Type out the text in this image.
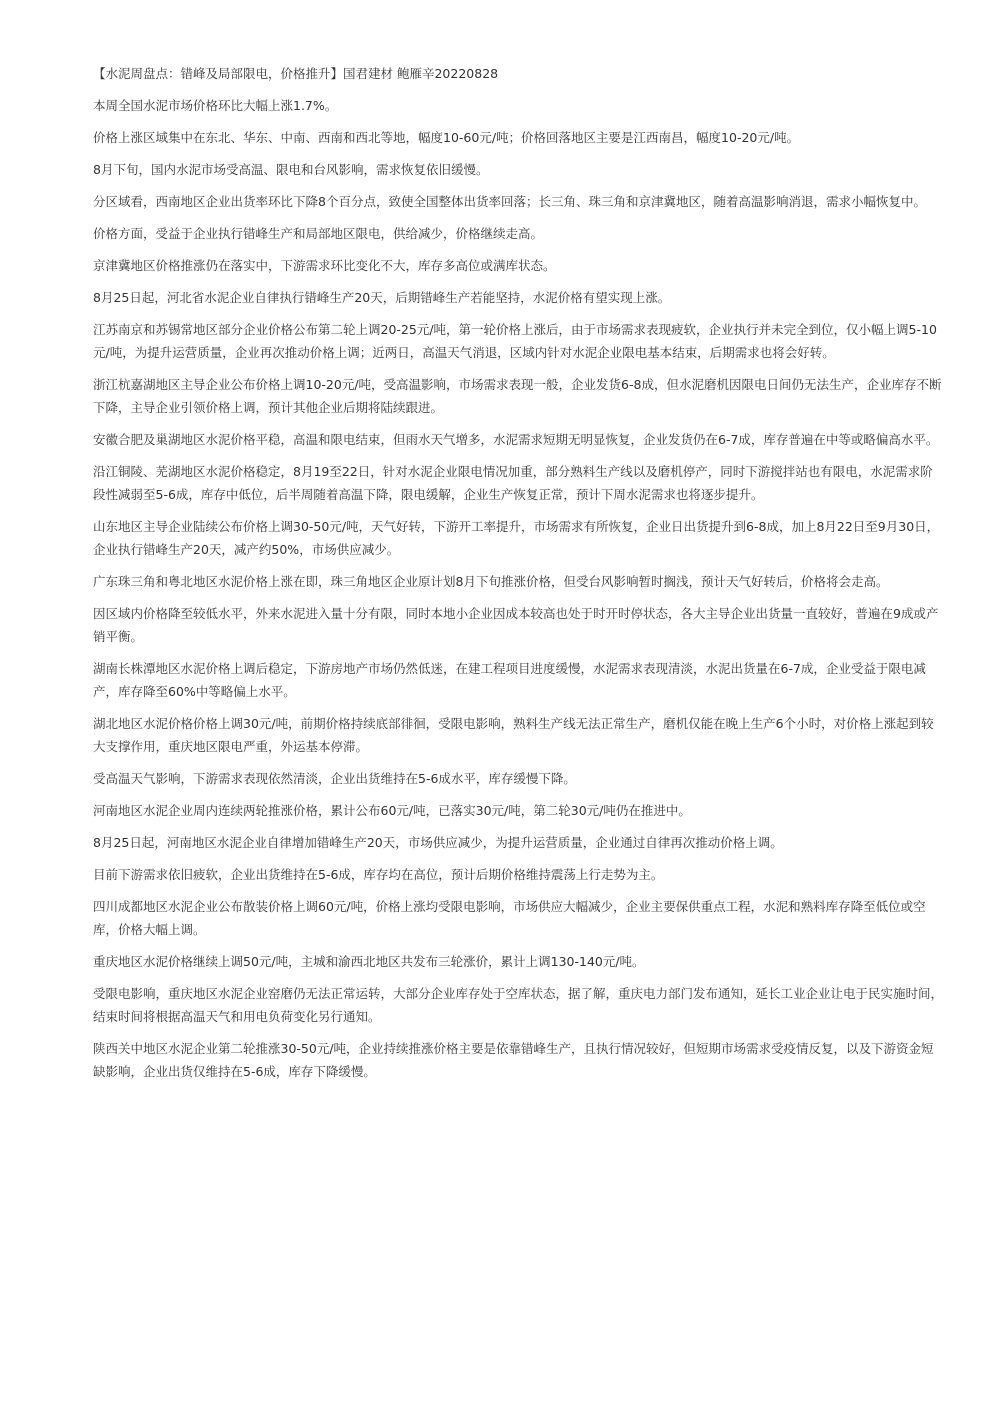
【水泥周盘点：错峰及局部限电，价格推升】国君建材 鲍雁辛20220828

本周全国水泥市场价格环比大幅上涨1.7%。

价格上涨区域集中在东北、华东、中南、西南和西北等地，幅度10-60元/吨；价格回落地区主要是江西南昌，幅度10-20元/吨。

8月下旬，国内水泥市场受高温、限电和台风影响，需求恢复依旧缓慢。

分区域看，西南地区企业出货率环比下降8个百分点，致使全国整体出货率回落；长三角、珠三角和京津冀地区，随着高温影响消退，需求小幅恢复中。

价格方面，受益于企业执行错峰生产和局部地区限电，供给减少，价格继续走高。

京津冀地区价格推涨仍在落实中，下游需求环比变化不大，库存多高位或满库状态。

8月25日起，河北省水泥企业自律执行错峰生产20天，后期错峰生产若能坚持，水泥价格有望实现上涨。

江苏南京和苏锡常地区部分企业价格公布第二轮上调20-25元/吨，第一轮价格上涨后，由于市场需求表现疲软，企业执行并未完全到位，仅小幅上调5-10元/吨，为提升运营质量，企业再次推动价格上调；近两日，高温天气消退，区域内针对水泥企业限电基本结束，后期需求也将会好转。

浙江杭嘉湖地区主导企业公布价格上调10-20元/吨，受高温影响，市场需求表现一般，企业发货6-8成，但水泥磨机因限电日间仍无法生产，企业库存不断下降，主导企业引领价格上调，预计其他企业后期将陆续跟进。

安徽合肥及巢湖地区水泥价格平稳，高温和限电结束，但雨水天气增多，水泥需求短期无明显恢复，企业发货仍在6-7成，库存普遍在中等或略偏高水平。

沿江铜陵、芜湖地区水泥价格稳定，8月19至22日，针对水泥企业限电情况加重，部分熟料生产线以及磨机停产，同时下游搅拌站也有限电，水泥需求阶段性减弱至5-6成，库存中低位，后半周随着高温下降，限电缓解，企业生产恢复正常，预计下周水泥需求也将逐步提升。

山东地区主导企业陆续公布价格上调30-50元/吨，天气好转，下游开工率提升，市场需求有所恢复，企业日出货提升到6-8成，加上8月22日至9月30日，企业执行错峰生产20天，减产约50%，市场供应减少。

广东珠三角和粤北地区水泥价格上涨在即，珠三角地区企业原计划8月下旬推涨价格，但受台风影响暂时搁浅，预计天气好转后，价格将会走高。

因区域内价格降至较低水平，外来水泥进入量十分有限，同时本地小企业因成本较高也处于时开时停状态，各大主导企业出货量一直较好，普遍在9成或产销平衡。

湖南长株潭地区水泥价格上调后稳定，下游房地产市场仍然低迷，在建工程项目进度缓慢，水泥需求表现清淡，水泥出货量在6-7成，企业受益于限电减产，库存降至60%中等略偏上水平。

湖北地区水泥价格价格上调30元/吨，前期价格持续底部徘徊，受限电影响，熟料生产线无法正常生产，磨机仅能在晚上生产6个小时，对价格上涨起到较大支撑作用，重庆地区限电严重，外运基本停滞。

受高温天气影响，下游需求表现依然清淡，企业出货维持在5-6成水平，库存缓慢下降。

河南地区水泥企业周内连续两轮推涨价格，累计公布60元/吨，已落实30元/吨，第二轮30元/吨仍在推进中。

8月25日起，河南地区水泥企业自律增加错峰生产20天，市场供应减少，为提升运营质量，企业通过自律再次推动价格上调。

目前下游需求依旧疲软，企业出货维持在5-6成，库存均在高位，预计后期价格维持震荡上行走势为主。

四川成都地区水泥企业公布散装价格上调60元/吨，价格上涨均受限电影响，市场供应大幅减少，企业主要保供重点工程，水泥和熟料库存降至低位或空库，价格大幅上调。

重庆地区水泥价格继续上调50元/吨，主城和渝西北地区共发布三轮涨价，累计上调130-140元/吨。

受限电影响，重庆地区水泥企业窑磨仍无法正常运转，大部分企业库存处于空库状态，据了解，重庆电力部门发布通知，延长工业企业让电于民实施时间，结束时间将根据高温天气和用电负荷变化另行通知。

陕西关中地区水泥企业第二轮推涨30-50元/吨，企业持续推涨价格主要是依靠错峰生产，且执行情况较好，但短期市场需求受疫情反复，以及下游资金短缺影响，企业出货仅维持在5-6成，库存下降缓慢。
